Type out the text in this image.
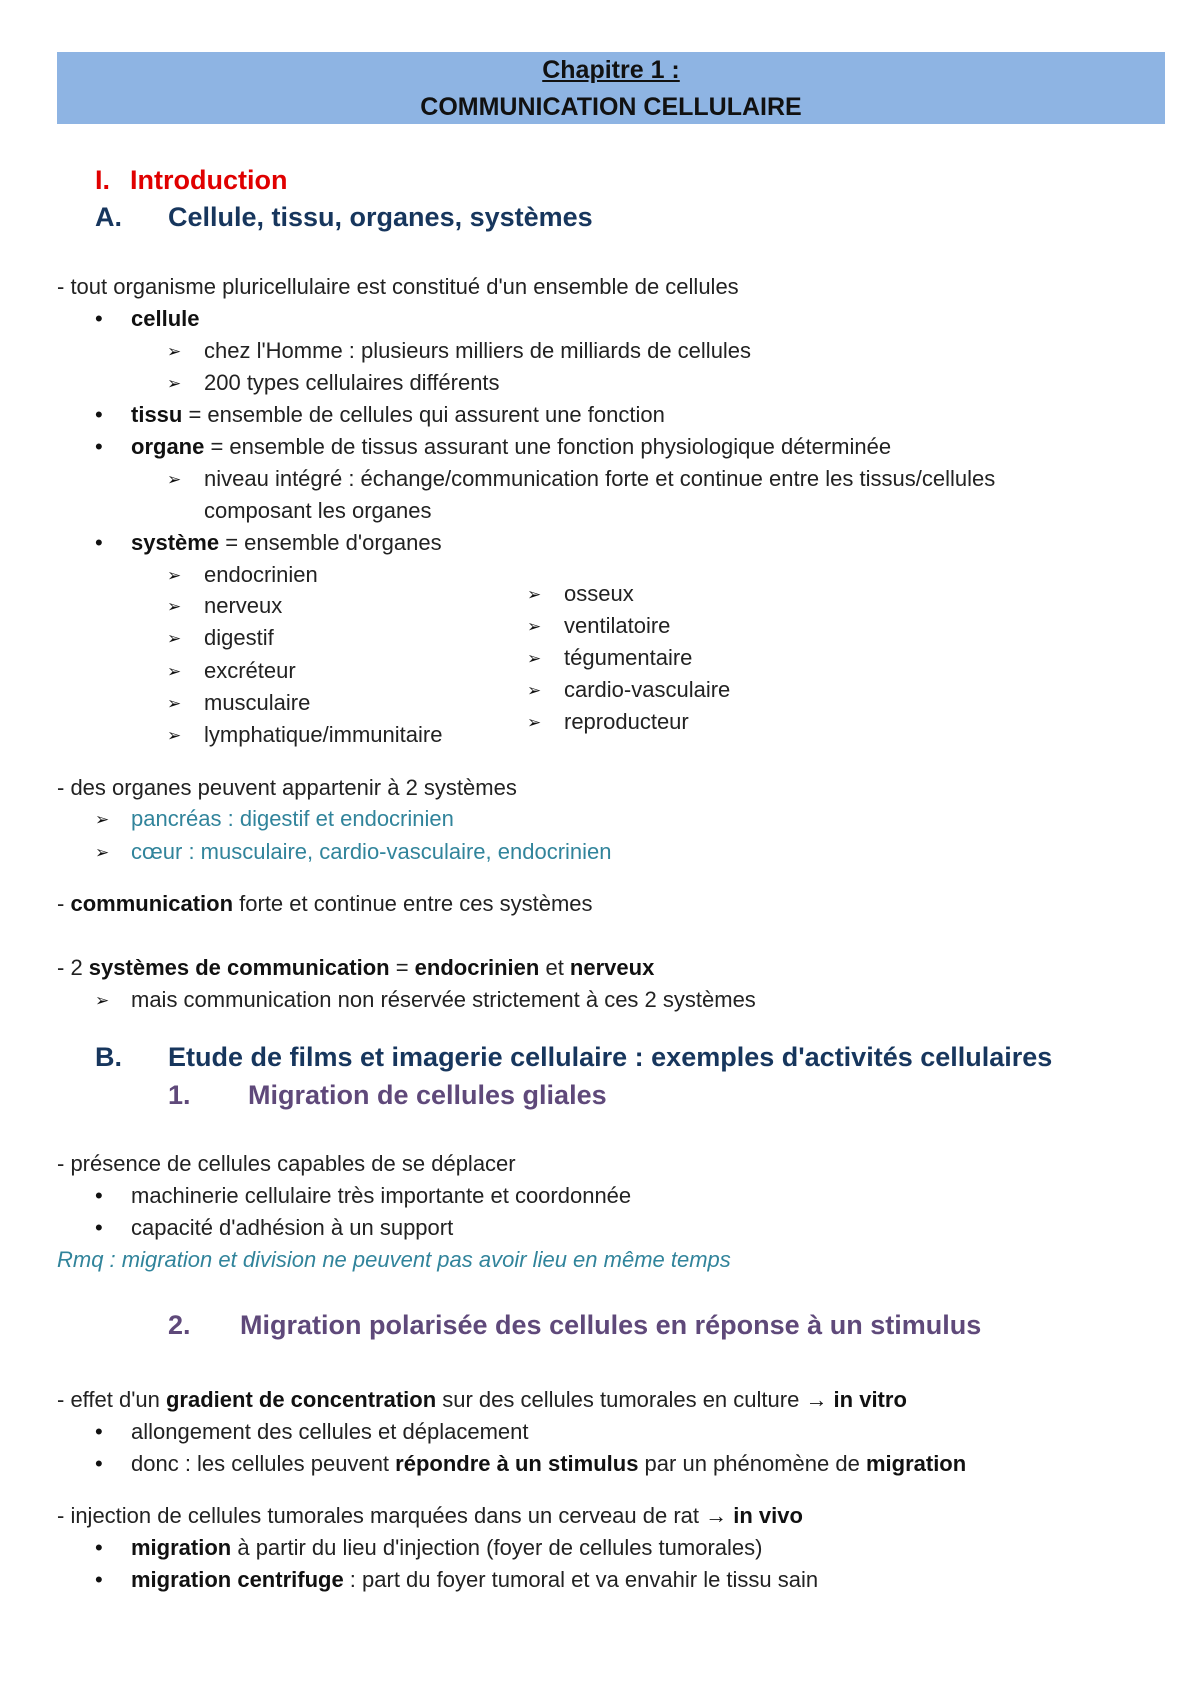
Chapitre 1 :
COMMUNICATION CELLULAIRE
I. Introduction
A. Cellule, tissu, organes, systèmes
- tout organisme pluricellulaire est constitué d'un ensemble de cellules
• cellule
➢ chez l'Homme : plusieurs milliers de milliards de cellules
➢ 200 types cellulaires différents
• tissu = ensemble de cellules qui assurent une fonction
• organe = ensemble de tissus assurant une fonction physiologique déterminée
➢ niveau intégré : échange/communication forte et continue entre les tissus/cellules
composant les organes
• système = ensemble d'organes
➢ endocrinien
➢ nerveux
➢ digestif
➢ excréteur
➢ musculaire
➢ lymphatique/immunitaire
➢ osseux
➢ ventilatoire
➢ tégumentaire
➢ cardio-vasculaire
➢ reproducteur
- des organes peuvent appartenir à 2 systèmes
➢ pancréas : digestif et endocrinien
➢ cœur : musculaire, cardio-vasculaire, endocrinien
- communication forte et continue entre ces systèmes
- 2 systèmes de communication = endocrinien et nerveux
➢ mais communication non réservée strictement à ces 2 systèmes
B. Etude de films et imagerie cellulaire : exemples d'activités cellulaires
1. Migration de cellules gliales
- présence de cellules capables de se déplacer
• machinerie cellulaire très importante et coordonnée
• capacité d'adhésion à un support
Rmq : migration et division ne peuvent pas avoir lieu en même temps
2. Migration polarisée des cellules en réponse à un stimulus
- effet d'un gradient de concentration sur des cellules tumorales en culture → in vitro
• allongement des cellules et déplacement
• donc : les cellules peuvent répondre à un stimulus par un phénomène de migration
- injection de cellules tumorales marquées dans un cerveau de rat → in vivo
• migration à partir du lieu d'injection (foyer de cellules tumorales)
• migration centrifuge : part du foyer tumoral et va envahir le tissu sain
